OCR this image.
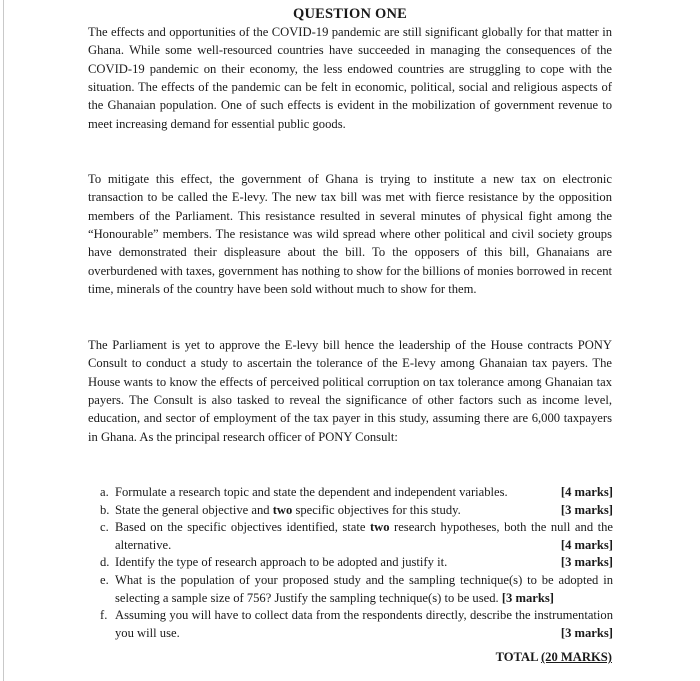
QUESTION ONE

The effects and opportunities of the COVID-19 pandemic are still significant globally for that matter in Ghana. While some well-resourced countries have succeeded in managing the consequences of the COVID-19 pandemic on their economy, the less endowed countries are struggling to cope with the situation. The effects of the pandemic can be felt in economic, political, social and religious aspects of the Ghanaian population. One of such effects is evident in the mobilization of government revenue to meet increasing demand for essential public goods.

To mitigate this effect, the government of Ghana is trying to institute a new tax on electronic transaction to be called the E-levy. The new tax bill was met with fierce resistance by the opposition members of the Parliament. This resistance resulted in several minutes of physical fight among the “Honourable” members. The resistance was wild spread where other political and civil society groups have demonstrated their displeasure about the bill. To the opposers of this bill, Ghanaians are overburdened with taxes, government has nothing to show for the billions of monies borrowed in recent time, minerals of the country have been sold without much to show for them.

The Parliament is yet to approve the E-levy bill hence the leadership of the House contracts PONY Consult to conduct a study to ascertain the tolerance of the E-levy among Ghanaian tax payers. The House wants to know the effects of perceived political corruption on tax tolerance among Ghanaian tax payers. The Consult is also tasked to reveal the significance of other factors such as income level, education, and sector of employment of the tax payer in this study, assuming there are 6,000 taxpayers in Ghana. As the principal research officer of PONY Consult:

a. Formulate a research topic and state the dependent and independent variables.	[4 marks]
b. State the general objective and two specific objectives for this study.	[3 marks]
c. Based on the specific objectives identified, state two research hypotheses, both the null and the alternative.	[4 marks]
d. Identify the type of research approach to be adopted and justify it.	[3 marks]
e. What is the population of your proposed study and the sampling technique(s) to be adopted in selecting a sample size of 756? Justify the sampling technique(s) to be used. [3 marks]
f. Assuming you will have to collect data from the respondents directly, describe the instrumentation you will use.	[3 marks]
TOTAL (20 MARKS)
